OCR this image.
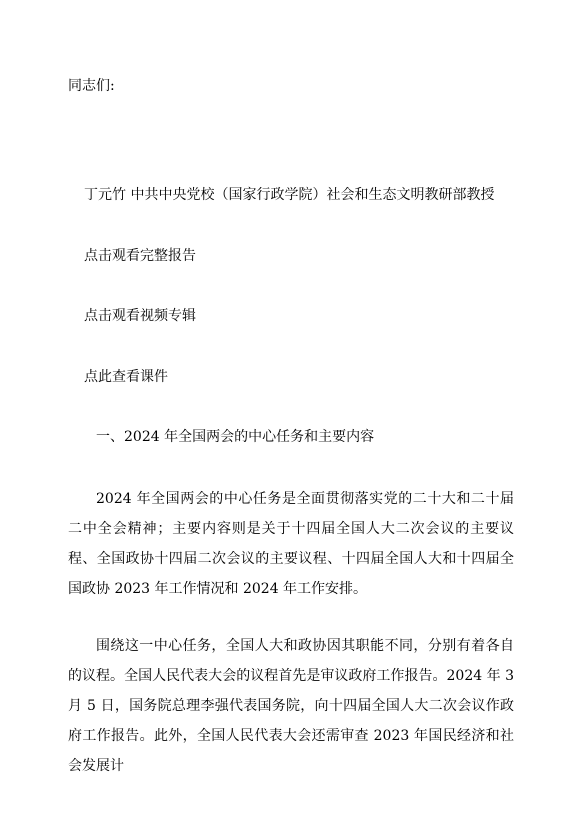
同志们:
丁元竹 中共中央党校（国家行政学院）社会和生态文明教研部教授
点击观看完整报告
点击观看视频专辑
点此查看课件
一、2024 年全国两会的中心任务和主要内容
2024 年全国两会的中心任务是全面贯彻落实党的二十大和二十届二中全会精神；主要内容则是关于十四届全国人大二次会议的主要议程、全国政协十四届二次会议的主要议程、十四届全国人大和十四届全国政协 2023 年工作情况和 2024 年工作安排。
围绕这一中心任务，全国人大和政协因其职能不同，分别有着各自的议程。全国人民代表大会的议程首先是审议政府工作报告。2024 年 3 月 5 日，国务院总理李强代表国务院，向十四届全国人大二次会议作政府工作报告。此外，全国人民代表大会还需审查 2023 年国民经济和社会发展计
